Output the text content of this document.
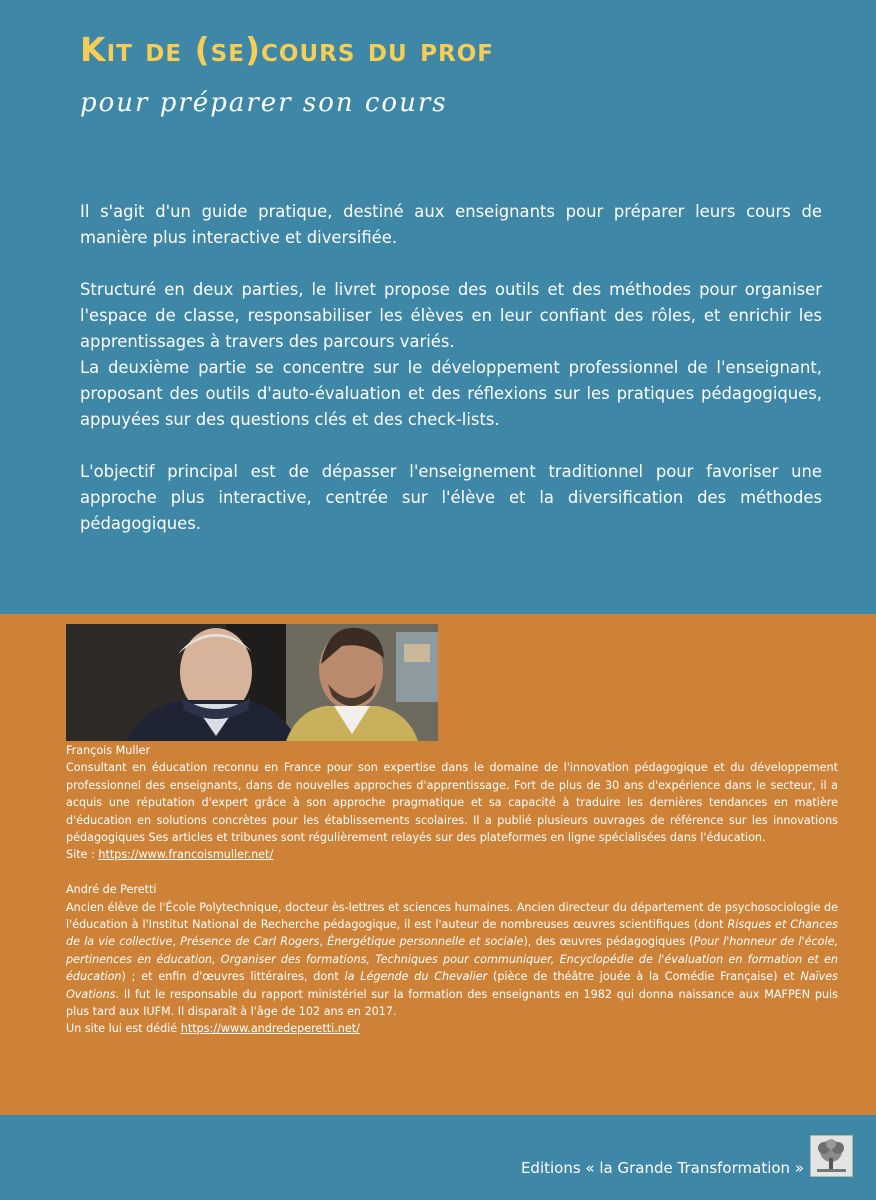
Kit de (se)cours du prof
pour préparer son cours

Il s'agit d'un guide pratique, destiné aux enseignants pour préparer leurs cours de manière plus interactive et diversifiée.

Structuré en deux parties, le livret propose des outils et des méthodes pour organiser l'espace de classe, responsabiliser les élèves en leur confiant des rôles, et enrichir les apprentissages à travers des parcours variés.

La deuxième partie se concentre sur le développement professionnel de l'enseignant, proposant des outils d'auto-évaluation et des réflexions sur les pratiques pédagogiques, appuyées sur des questions clés et des check-lists.

L'objectif principal est de dépasser l'enseignement traditionnel pour favoriser une approche plus interactive, centrée sur l'élève et la diversification des méthodes pédagogiques.

François Muller

Consultant en éducation reconnu en France pour son expertise dans le domaine de l'innovation pédagogique et du développement professionnel des enseignants, dans de nouvelles approches d'apprentissage. Fort de plus de 30 ans d'expérience dans le secteur, il a acquis une réputation d'expert grâce à son approche pragmatique et sa capacité à traduire les dernières tendances en matière d'éducation en solutions concrètes pour les établissements scolaires. Il a publié plusieurs ouvrages de référence sur les innovations pédagogiques Ses articles et tribunes sont régulièrement relayés sur des plateformes en ligne spécialisées dans l'éducation.

Site : https://www.francoismuller.net/

André de Peretti

Ancien élève de l'École Polytechnique, docteur ès-lettres et sciences humaines. Ancien directeur du département de psychosociologie de l'éducation à l'Institut National de Recherche pédagogique, il est l'auteur de nombreuses œuvres scientifiques (dont Risques et Chances de la vie collective, Présence de Carl Rogers, Énergétique personnelle et sociale), des œuvres pédagogiques (Pour l'honneur de l'école, pertinences en éducation, Organiser des formations, Techniques pour communiquer, Encyclopédie de l'évaluation en formation et en éducation) ; et enfin d'œuvres littéraires, dont la Légende du Chevalier (pièce de théâtre jouée à la Comédie Française) et Naïves Ovations. Il fut le responsable du rapport ministériel sur la formation des enseignants en 1982 qui donna naissance aux MAFPEN puis plus tard aux IUFM. Il disparaît à l'âge de 102 ans en 2017.

Un site lui est dédié https://www.andredeperetti.net/

Editions « la Grande Transformation »
